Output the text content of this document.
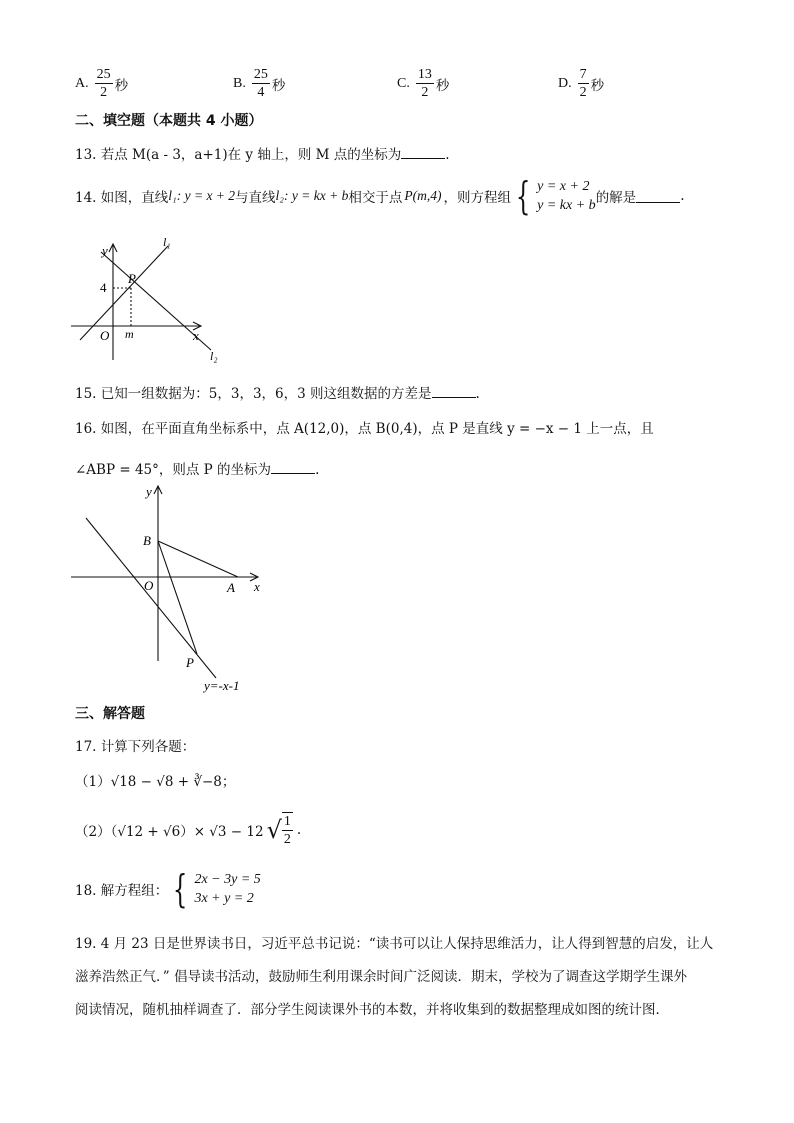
A. $\frac{25}{2}$ 秒	B. $\frac{25}{4}$ 秒	C. $\frac{13}{2}$ 秒	D. $\frac{7}{2}$ 秒
二、填空题（本题共 4 小题）
13. 若点 M(a - 3，a+1)在 y 轴上，则 M 点的坐标为	.
14. 如图，直线 l₁ : y = x + 2 与直线 l₂ : y = kx + b 相交于点 P(m,4) ，则方程组 { y = x + 2
y = kx + b 的解是	.
y
x
O m
P
4
l₁
l₂
15. 已知一组数据为：5，3，3，6，3 则这组数据的方差是	.
16. 如图，在平面直角坐标系中，点 A(12,0)，点 B(0,4)，点 P 是直线 y = −x − 1 上一点，且
∠ABP = 45°，则点 P 的坐标为	.
y
x
O	A
B
P
y=-x-1
三、解答题
17. 计算下列各题：
（1）√18 − √8 + ∛−8；
（2）（√12 + √6）× √3 − 12 √ $\frac{1}{2}$ .
18. 解方程组： { 2x − 3y = 5
3x + y = 2
19. 4 月 23 日是世界读书日，习近平总书记说：“读书可以让人保持思维活力，让人得到智慧的启发，让人
滋养浩然正气．” 倡导读书活动，鼓励师生利用课余时间广泛阅读．期末，学校为了调查这学期学生课外
阅读情况，随机抽样调查了．部分学生阅读课外书的本数，并将收集到的数据整理成如图的统计图．
